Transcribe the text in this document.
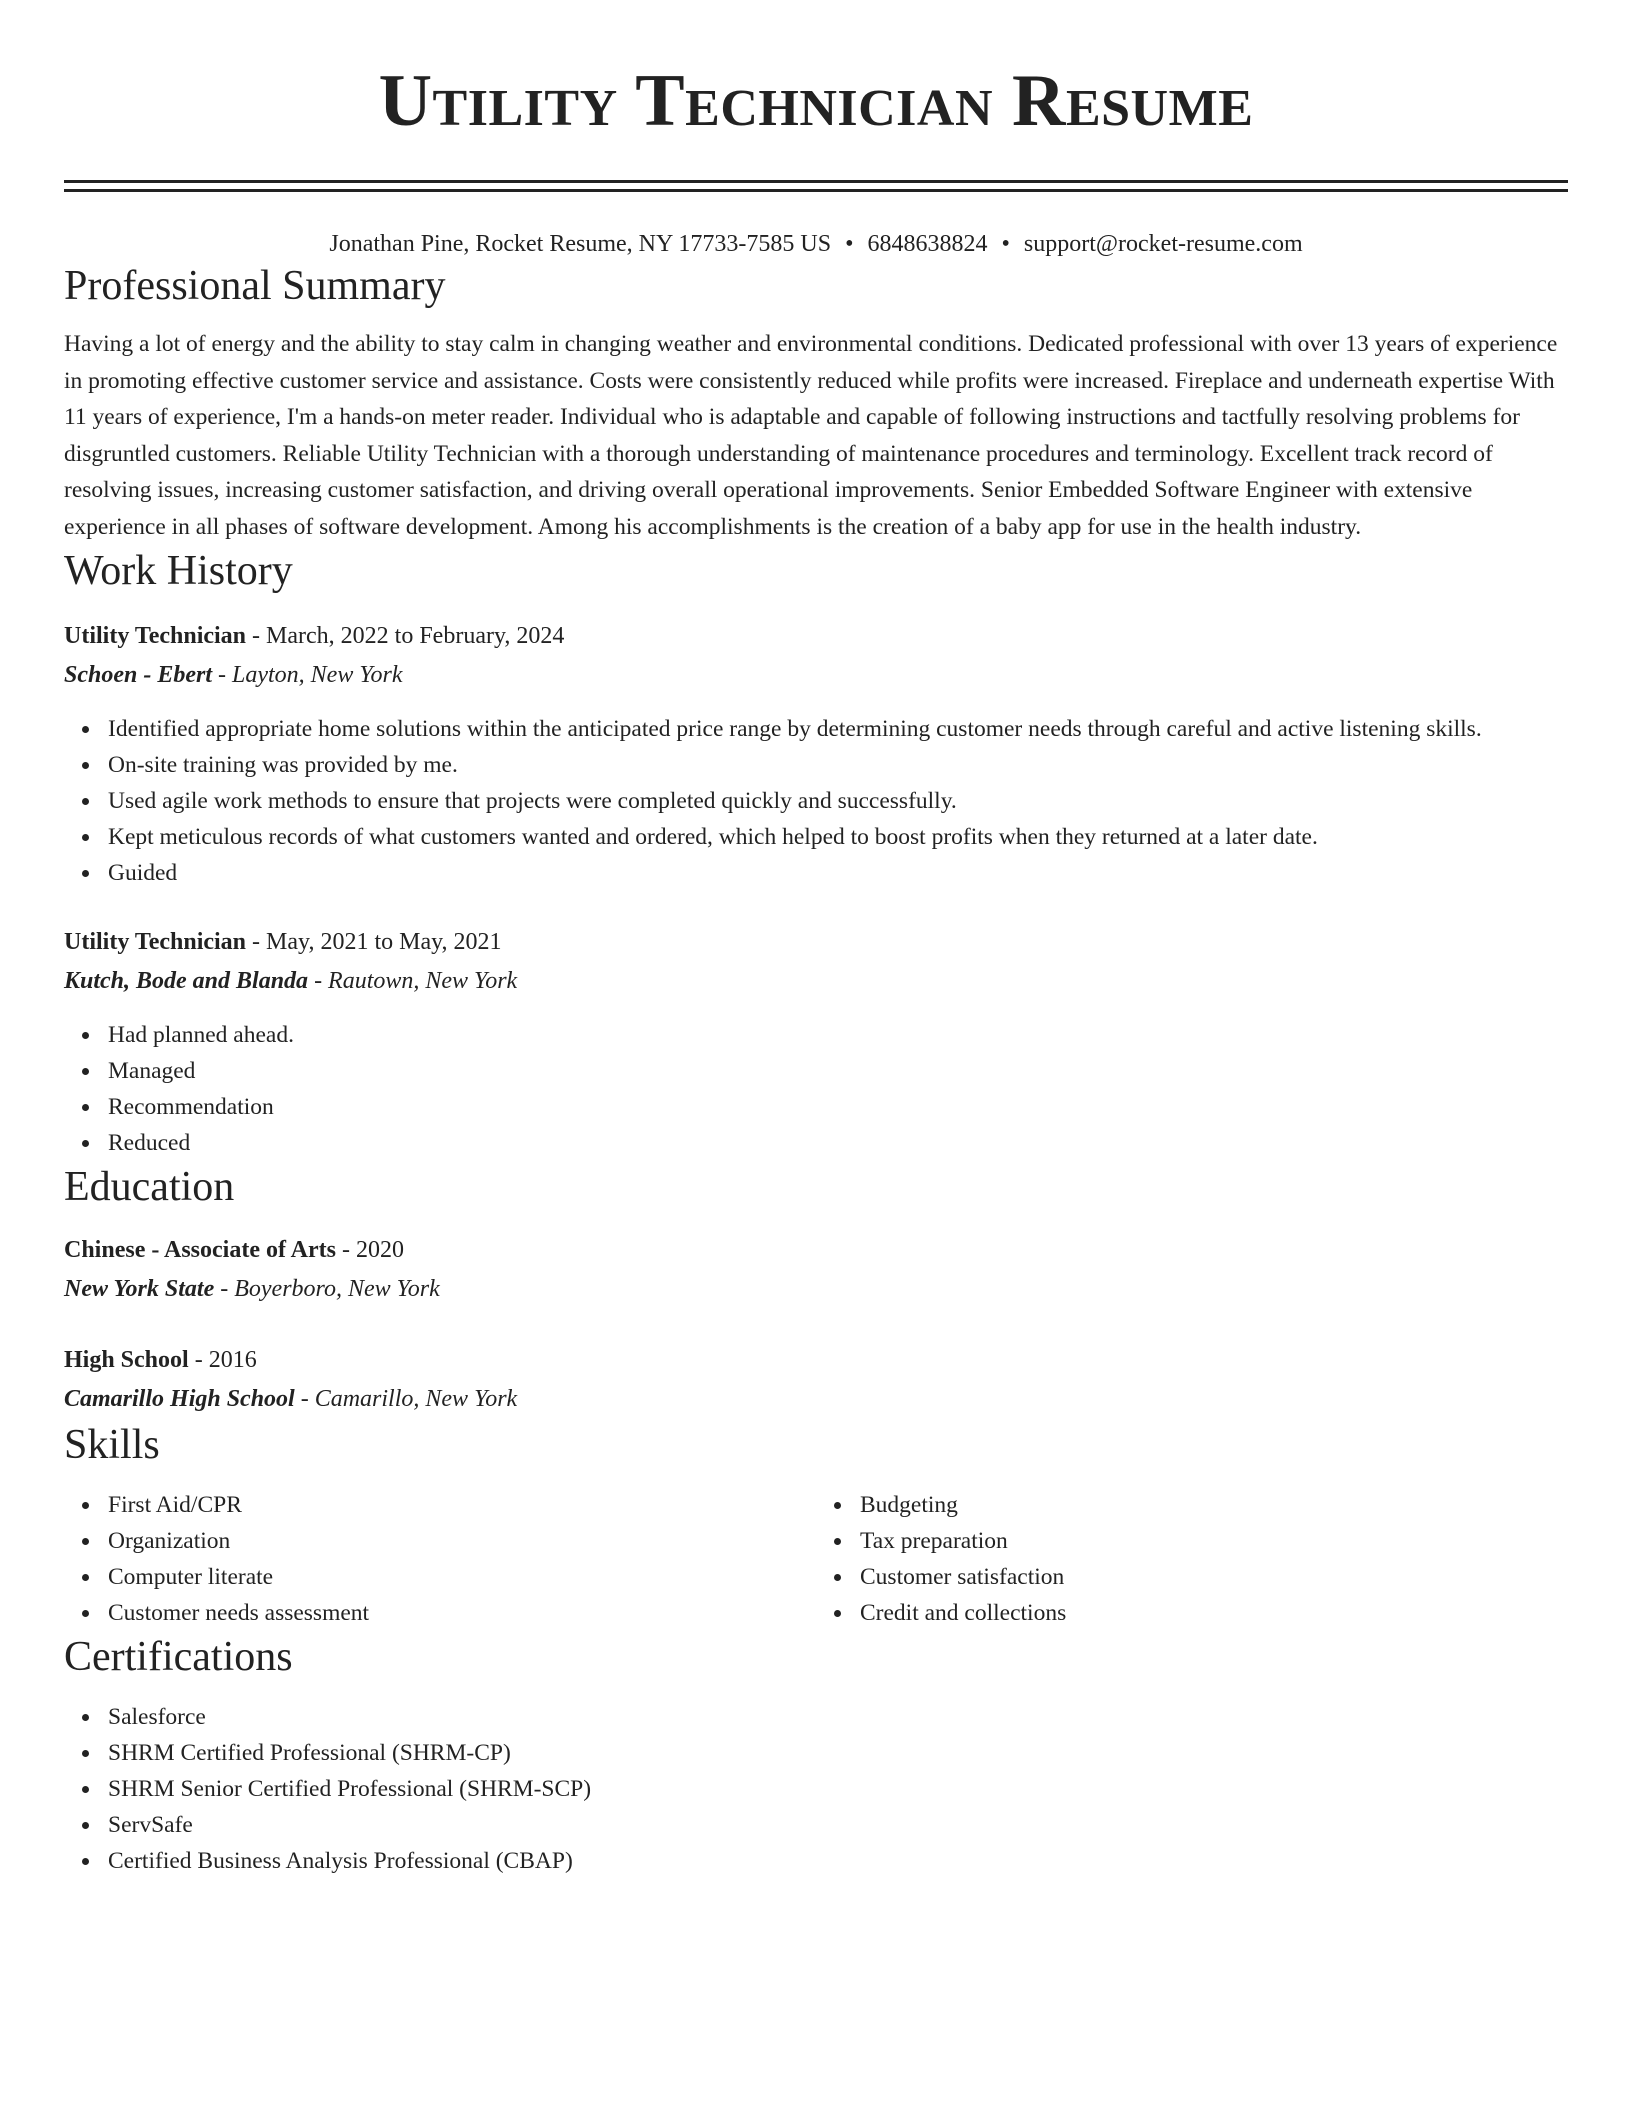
Utility Technician Resume
Jonathan Pine, Rocket Resume, NY 17733-7585 US • 6848638824 • support@rocket-resume.com
Professional Summary

Having a lot of energy and the ability to stay calm in changing weather and environmental conditions. Dedicated professional with over 13 years of experience in promoting effective customer service and assistance. Costs were consistently reduced while profits were increased. Fireplace and underneath expertise With 11 years of experience, I'm a hands-on meter reader. Individual who is adaptable and capable of following instructions and tactfully resolving problems for disgruntled customers. Reliable Utility Technician with a thorough understanding of maintenance procedures and terminology. Excellent track record of resolving issues, increasing customer satisfaction, and driving overall operational improvements. Senior Embedded Software Engineer with extensive experience in all phases of software development. Among his accomplishments is the creation of a baby app for use in the health industry.

Work History
Utility Technician - March, 2022 to February, 2024
Schoen - Ebert - Layton, New York
Identified appropriate home solutions within the anticipated price range by determining customer needs through careful and active listening skills.
On-site training was provided by me.
Used agile work methods to ensure that projects were completed quickly and successfully.
Kept meticulous records of what customers wanted and ordered, which helped to boost profits when they returned at a later date.
Guided
Utility Technician - May, 2021 to May, 2021
Kutch, Bode and Blanda - Rautown, New York
Had planned ahead.
Managed
Recommendation
Reduced
Education
Chinese - Associate of Arts - 2020
New York State - Boyerboro, New York
High School - 2016
Camarillo High School - Camarillo, New York
Skills
First Aid/CPR
Organization
Computer literate
Customer needs assessment
Budgeting
Tax preparation
Customer satisfaction
Credit and collections
Certifications
Salesforce
SHRM Certified Professional (SHRM-CP)
SHRM Senior Certified Professional (SHRM-SCP)
ServSafe
Certified Business Analysis Professional (CBAP)
